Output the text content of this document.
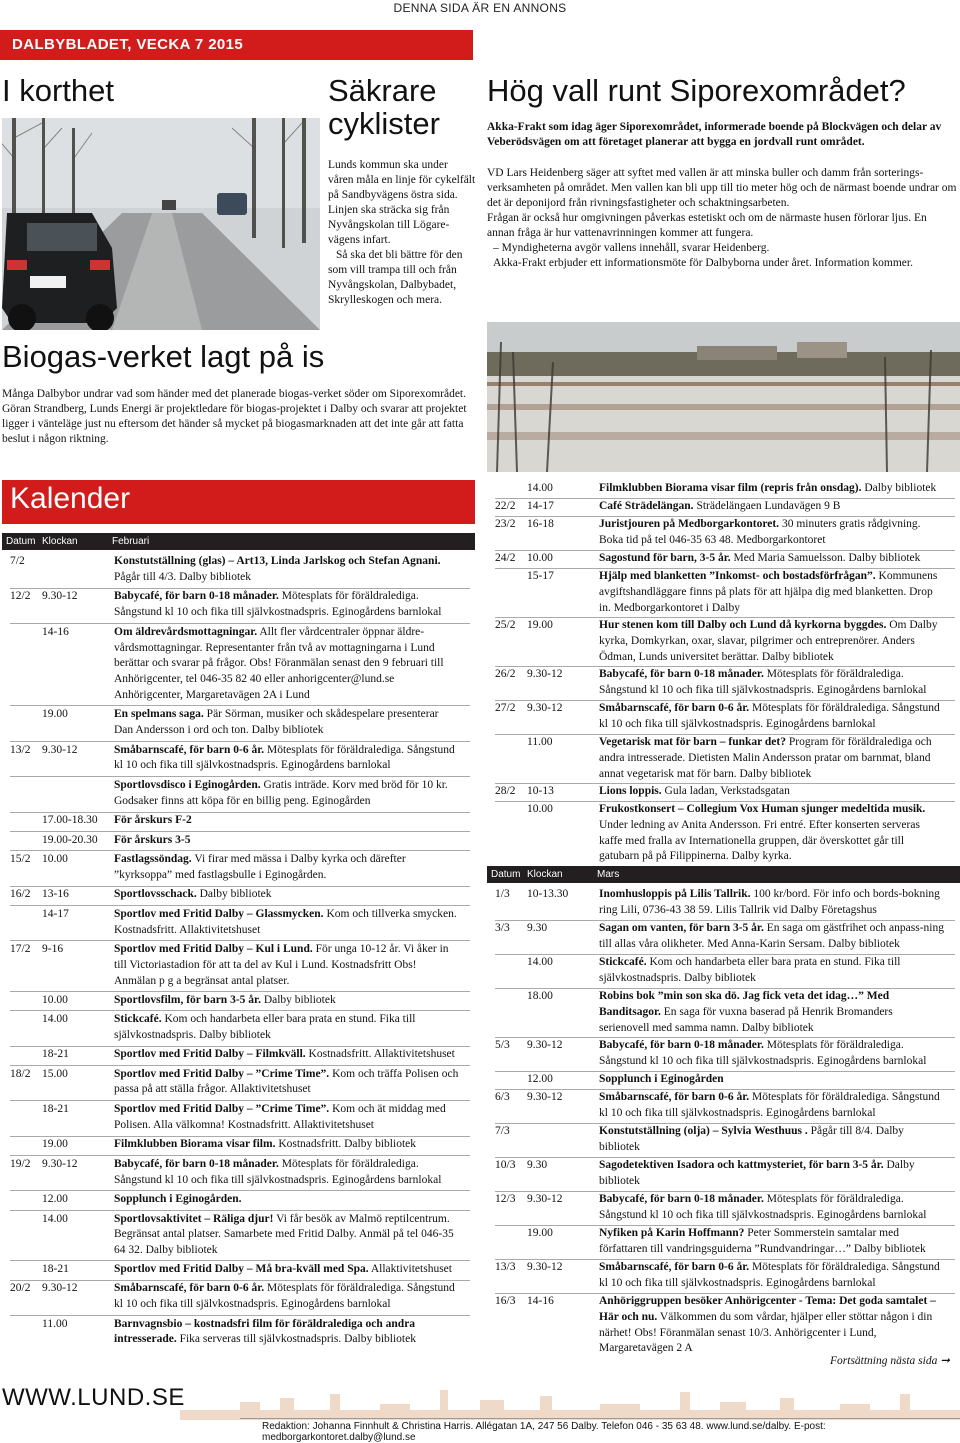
DENNA SIDA ÄR EN ANNONS
DALBYBLADET, VECKA 7 2015
I korthet	Säkrare cyklister

Lunds kommun ska under våren måla en linje för cykelfält på Sandbyvägens östra sida. Linjen ska sträcka sig från Nyvångskolan till Lögare-vägens infart.

Så ska det bli bättre för den som vill trampa till och från Nyvångskolan, Dalbybadet, Skrylleskogen och mera.

Hög vall runt Siporexområdet?
Akka-Frakt som idag äger Siporexområdet, informerade boende på Blockvägen och delar av Veberödsvägen om att företaget planerar att bygga en jordvall runt området.

VD Lars Heidenberg säger att syftet med vallen är att minska buller och damm från sorterings-verksamheten på området. Men vallen kan bli upp till tio meter hög och de närmast boende undrar om det är deponijord från rivningsfastigheter och schaktningsarbeten.

Frågan är också hur omgivningen påverkas estetiskt och om de närmaste husen förlorar ljus. En annan fråga är hur vattenavrinningen kommer att fungera.

– Myndigheterna avgör vallens innehåll, svarar Heidenberg.

Akka-Frakt erbjuder ett informationsmöte för Dalbyborna under året. Information kommer.

Biogas-verket lagt på is
Många Dalbybor undrar vad som händer med det planerade biogas-verket söder om Siporexområdet. Göran Strandberg, Lunds Energi är projektledare för biogas-projektet i Dalby och svarar att projektet ligger i vänteläge just nu eftersom det händer så mycket på biogasmarknaden att det inte går att fatta beslut i någon riktning.
Kalender
Datum Klockan	Februari
Datum Klockan	Mars
7/2	Konstutställning (glas) – Art13, Linda Jarlskog och Stefan Agnani. Pågår till 4/3. Dalby bibliotek
12/2 9.30-12	Babycafé, för barn 0-18 månader. Mötesplats för föräldralediga. Sångstund kl 10 och fika till självkostnadspris. Eginogårdens barnlokal
14-16	Om äldrevårdsmottagningar. Allt fler vårdcentraler öppnar äldre-vårdsmottagningar. Representanter från två av mottagningarna i Lund berättar och svarar på frågor. Obs! Föranmälan senast den 9 februari till Anhörigcenter, tel 046-35 82 40 eller anhorigcenter@lund.se Anhörigcenter, Margaretavägen 2A i Lund
19.00	En spelmans saga. Pär Sörman, musiker och skådespelare presenterar Dan Andersson i ord och ton. Dalby bibliotek
13/2 9.30-12	Småbarnscafé, för barn 0-6 år. Mötesplats för föräldralediga. Sångstund kl 10 och fika till självkostnadspris. Eginogårdens barnlokal
Sportlovsdisco i Eginogården. Gratis inträde. Korv med bröd för 10 kr. Godsaker finns att köpa för en billig peng. Eginogården
17.00-18.30 För årskurs F-2
19.00-20.30 För årskurs 3-5
15/2 10.00	Fastlagssöndag. Vi firar med mässa i Dalby kyrka och därefter ”kyrksoppa” med fastlagsbulle i Eginogården.
16/2 13-16	Sportlovsschack. Dalby bibliotek
14-17	Sportlov med Fritid Dalby – Glassmycken. Kom och tillverka smycken. Kostnadsfritt. Allaktivitetshuset
17/2 9-16	Sportlov med Fritid Dalby – Kul i Lund. För unga 10-12 år. Vi åker in till Victoriastadion för att ta del av Kul i Lund. Kostnadsfritt Obs! Anmälan p g a begränsat antal platser.
10.00	Sportlovsfilm, för barn 3-5 år. Dalby bibliotek
14.00	Stickcafé. Kom och handarbeta eller bara prata en stund. Fika till självkostnadspris. Dalby bibliotek
18-21	Sportlov med Fritid Dalby – Filmkväll. Kostnadsfritt. Allaktivitetshuset
18/2 15.00	Sportlov med Fritid Dalby – ”Crime Time”. Kom och träffa Polisen och passa på att ställa frågor. Allaktivitetshuset
18-21	Sportlov med Fritid Dalby – ”Crime Time”. Kom och ät middag med Polisen. Alla välkomna! Kostnadsfritt. Allaktivitetshuset
19.00	Filmklubben Biorama visar film. Kostnadsfritt. Dalby bibliotek
19/2 9.30-12	Babycafé, för barn 0-18 månader. Mötesplats för föräldralediga. Sångstund kl 10 och fika till självkostnadspris. Eginogårdens barnlokal
12.00	Sopplunch i Eginogården.
14.00	Sportlovsaktivitet – Räliga djur! Vi får besök av Malmö reptilcentrum. Begränsat antal platser. Samarbete med Fritid Dalby. Anmäl på tel 046-35 64 32. Dalby bibliotek
18-21	Sportlov med Fritid Dalby – Må bra-kväll med Spa. Allaktivitetshuset
20/2 9.30-12	Småbarnscafé, för barn 0-6 år. Mötesplats för föräldralediga. Sångstund kl 10 och fika till självkostnadspris. Eginogårdens barnlokal
11.00	Barnvagnsbio – kostnadsfri film för föräldralediga och andra intresserade. Fika serveras till självkostnadspris. Dalby bibliotek
14.00	Filmklubben Biorama visar film (repris från onsdag). Dalby bibliotek
22/2 14-17	Café Strädelängan. Strädelängaen Lundavägen 9 B
23/2 16-18	Juristjouren på Medborgarkontoret. 30 minuters gratis rådgivning. Boka tid på tel 046-35 63 48. Medborgarkontoret
24/2 10.00	Sagostund för barn, 3-5 år. Med Maria Samuelsson. Dalby bibliotek
15-17	Hjälp med blanketten ”Inkomst- och bostadsförfrågan”. Kommunens avgiftshandläggare finns på plats för att hjälpa dig med blanketten. Drop in. Medborgarkontoret i Dalby
25/2 19.00	Hur stenen kom till Dalby och Lund då kyrkorna byggdes. Om Dalby kyrka, Domkyrkan, oxar, slavar, pilgrimer och entreprenörer. Anders Ödman, Lunds universitet berättar. Dalby bibliotek
26/2 9.30-12	Babycafé, för barn 0-18 månader. Mötesplats för föräldralediga. Sångstund kl 10 och fika till självkostnadspris. Eginogårdens barnlokal
27/2 9.30-12	Småbarnscafé, för barn 0-6 år. Mötesplats för föräldralediga. Sångstund kl 10 och fika till självkostnadspris. Eginogårdens barnlokal
11.00	Vegetarisk mat för barn – funkar det? Program för föräldralediga och andra intresserade. Dietisten Malin Andersson pratar om barnmat, bland annat vegetarisk mat för barn. Dalby bibliotek
28/2 10-13	Lions loppis. Gula ladan, Verkstadsgatan
10.00	Frukostkonsert – Collegium Vox Human sjunger medeltida musik. Under ledning av Anita Andersson. Fri entré. Efter konserten serveras kaffe med fralla av Internationella gruppen, där överskottet går till gatubarn på på Filippinerna. Dalby kyrka.
1/3 10-13.30	Inomhusloppis på Lilis Tallrik. 100 kr/bord. För info och bords-bokning ring Lili, 0736-43 38 59. Lilis Tallrik vid Dalby Företagshus
3/3 9.30	Sagan om vanten, för barn 3-5 år. En saga om gästfrihet och anpass-ning till allas våra olikheter. Med Anna-Karin Sersam. Dalby bibliotek
14.00	Stickcafé. Kom och handarbeta eller bara prata en stund. Fika till självkostnadspris. Dalby bibliotek
18.00	Robins bok ”min son ska dö. Jag fick veta det idag…” Med Banditsagor. En saga för vuxna baserad på Henrik Bromanders serienovell med samma namn. Dalby bibliotek
5/3 9.30-12	Babycafé, för barn 0-18 månader. Mötesplats för föräldralediga. Sångstund kl 10 och fika till självkostnadspris. Eginogårdens barnlokal
12.00	Sopplunch i Eginogården
6/3 9.30-12	Småbarnscafé, för barn 0-6 år. Mötesplats för föräldralediga. Sångstund kl 10 och fika till självkostnadspris. Eginogårdens barnlokal
7/3	Konstutställning (olja) – Sylvia Westhuus . Pågår till 8/4. Dalby bibliotek
10/3 9.30	Sagodetektiven Isadora och kattmysteriet, för barn 3-5 år. Dalby bibliotek
12/3 9.30-12	Babycafé, för barn 0-18 månader. Mötesplats för föräldralediga. Sångstund kl 10 och fika till självkostnadspris. Eginogårdens barnlokal
19.00	Nyfiken på Karin Hoffmann? Peter Sommerstein samtalar med författaren till vandringsguiderna ”Rundvandringar…” Dalby bibliotek
13/3 9.30-12	Småbarnscafé, för barn 0-6 år. Mötesplats för föräldralediga. Sångstund kl 10 och fika till självkostnadspris. Eginogårdens barnlokal
16/3 14-16	Anhöriggruppen besöker Anhörigcenter - Tema: Det goda samtalet – Här och nu. Välkommen du som vårdar, hjälper eller stöttar någon i din närhet! Obs! Föranmälan senast 10/3. Anhörigcenter i Lund, Margaretavägen 2 A
Fortsättning nästa sida ➞
WWW.LUND.SE
Redaktion: Johanna Finnhult & Christina Harris. Allégatan 1A, 247 56 Dalby. Telefon 046 - 35 63 48. www.lund.se/dalby. E-post: medborgarkontoret.dalby@lund.se
